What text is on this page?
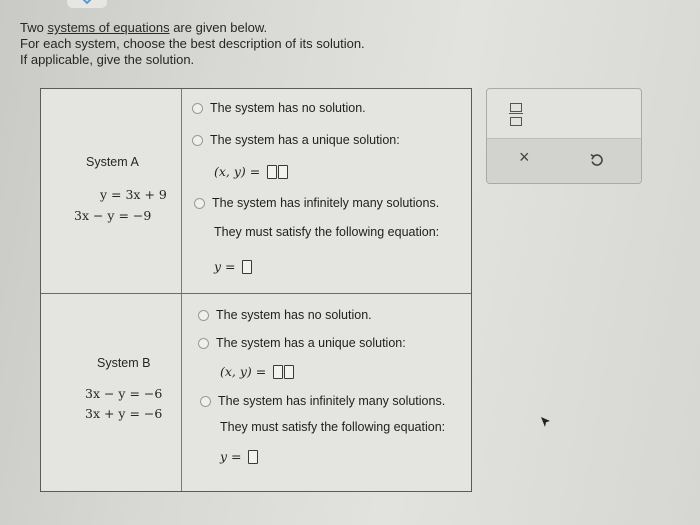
Two systems of equations are given below.
For each system, choose the best description of its solution.
If applicable, give the solution.
System A
y = 3x + 9
3x − y = −9
The system has no solution.
The system has a unique solution:
(x, y) =
The system has infinitely many solutions.
They must satisfy the following equation:
y =
System B
3x − y = −6
3x + y = −6
The system has no solution.
The system has a unique solution:
(x, y) =
The system has infinitely many solutions.
They must satisfy the following equation:
y =
×
